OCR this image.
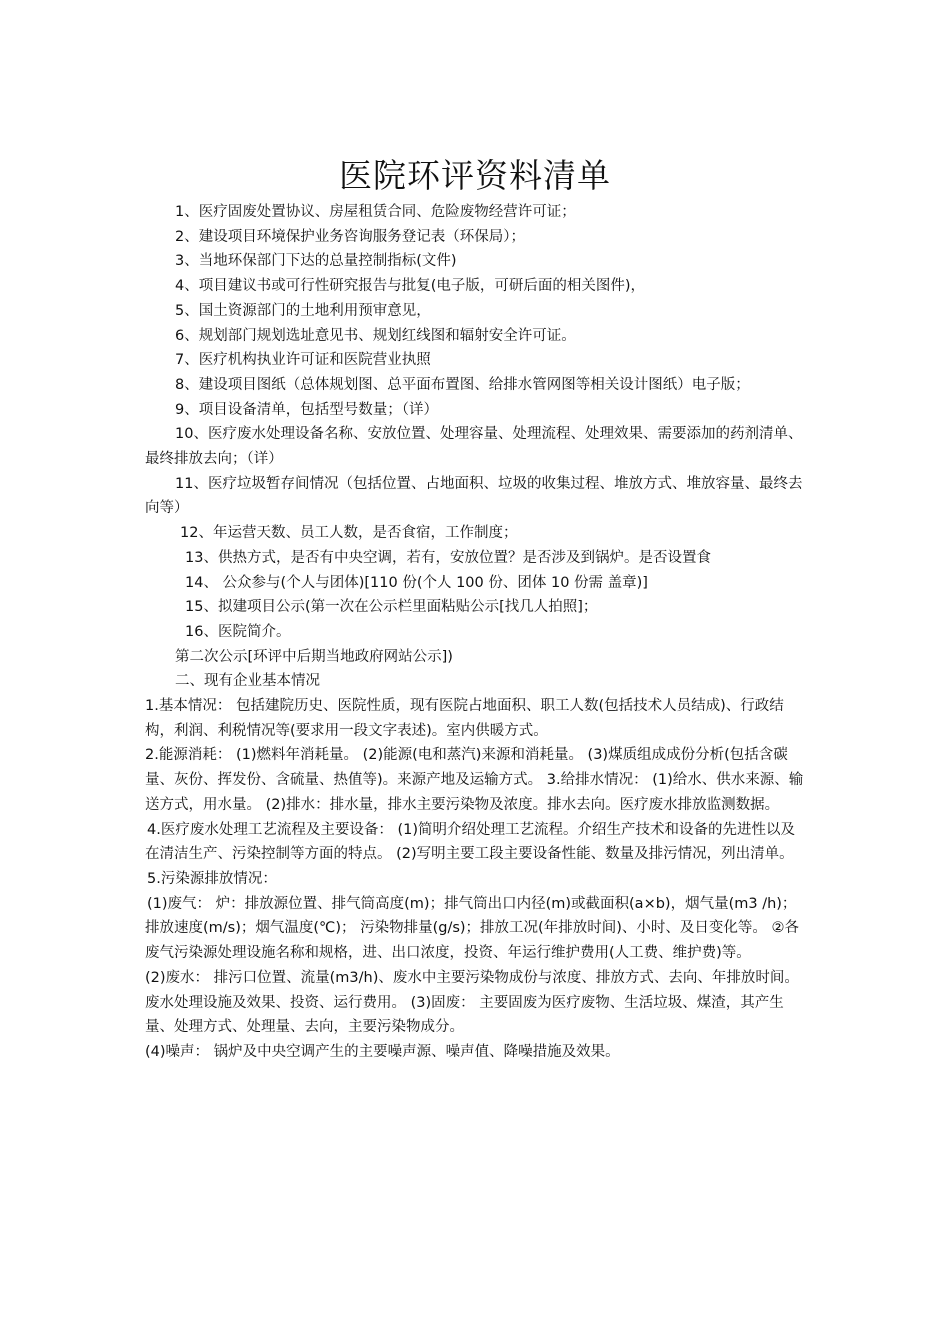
医院环评资料清单

1、医疗固废处置协议、房屋租赁合同、危险废物经营许可证；

2、建设项目环境保护业务咨询服务登记表（环保局）；

3、当地环保部门下达的总量控制指标(文件)

4、项目建议书或可行性研究报告与批复(电子版，可研后面的相关图件)，

5、国土资源部门的土地利用预审意见，

6、规划部门规划选址意见书、规划红线图和辐射安全许可证。

7、医疗机构执业许可证和医院营业执照

8、建设项目图纸（总体规划图、总平面布置图、给排水管网图等相关设计图纸）电子版；

9、项目设备清单，包括型号数量；（详）

10、医疗废水处理设备名称、安放位置、处理容量、处理流程、处理效果、需要添加的药剂清单、最终排放去向；（详）

11、医疗垃圾暂存间情况（包括位置、占地面积、垃圾的收集过程、堆放方式、堆放容量、最终去向等）

12、年运营天数、员工人数，是否食宿，工作制度；

13、供热方式，是否有中央空调，若有，安放位置？是否涉及到锅炉。是否设置食

14、 公众参与(个人与团体)[110 份(个人 100 份、团体 10 份需 盖章)]

15、拟建项目公示(第一次在公示栏里面粘贴公示[找几人拍照]；

16、医院简介。

第二次公示[环评中后期当地政府网站公示])

二、现有企业基本情况

1.基本情况： 包括建院历史、医院性质，现有医院占地面积、职工人数(包括技术人员结成)、行政结构，利润、利税情况等(要求用一段文字表述)。室内供暖方式。

2.能源消耗： (1)燃料年消耗量。 (2)能源(电和蒸汽)来源和消耗量。 (3)煤质组成成份分析(包括含碳量、灰份、挥发份、含硫量、热值等)。来源产地及运输方式。 3.给排水情况： (1)给水、供水来源、输送方式，用水量。 (2)排水：排水量，排水主要污染物及浓度。排水去向。医疗废水排放监测数据。

4.医疗废水处理工艺流程及主要设备： (1)简明介绍处理工艺流程。介绍生产技术和设备的先进性以及在清洁生产、污染控制等方面的特点。 (2)写明主要工段主要设备性能、数量及排污情况，列出清单。

5.污染源排放情况：

(1)废气： 炉：排放源位置、排气筒高度(m)；排气筒出口内径(m)或截面积(a×b)，烟气量(m3 /h)；排放速度(m/s)；烟气温度(℃)； 污染物排量(g/s)；排放工况(年排放时间)、小时、及日变化等。 ②各废气污染源处理设施名称和规格，进、出口浓度，投资、年运行维护费用(人工费、维护费)等。

(2)废水： 排污口位置、流量(m3/h)、废水中主要污染物成份与浓度、排放方式、去向、年排放时间。废水处理设施及效果、投资、运行费用。 (3)固废： 主要固废为医疗废物、生活垃圾、煤渣，其产生量、处理方式、处理量、去向，主要污染物成分。

(4)噪声： 锅炉及中央空调产生的主要噪声源、噪声值、降噪措施及效果。
